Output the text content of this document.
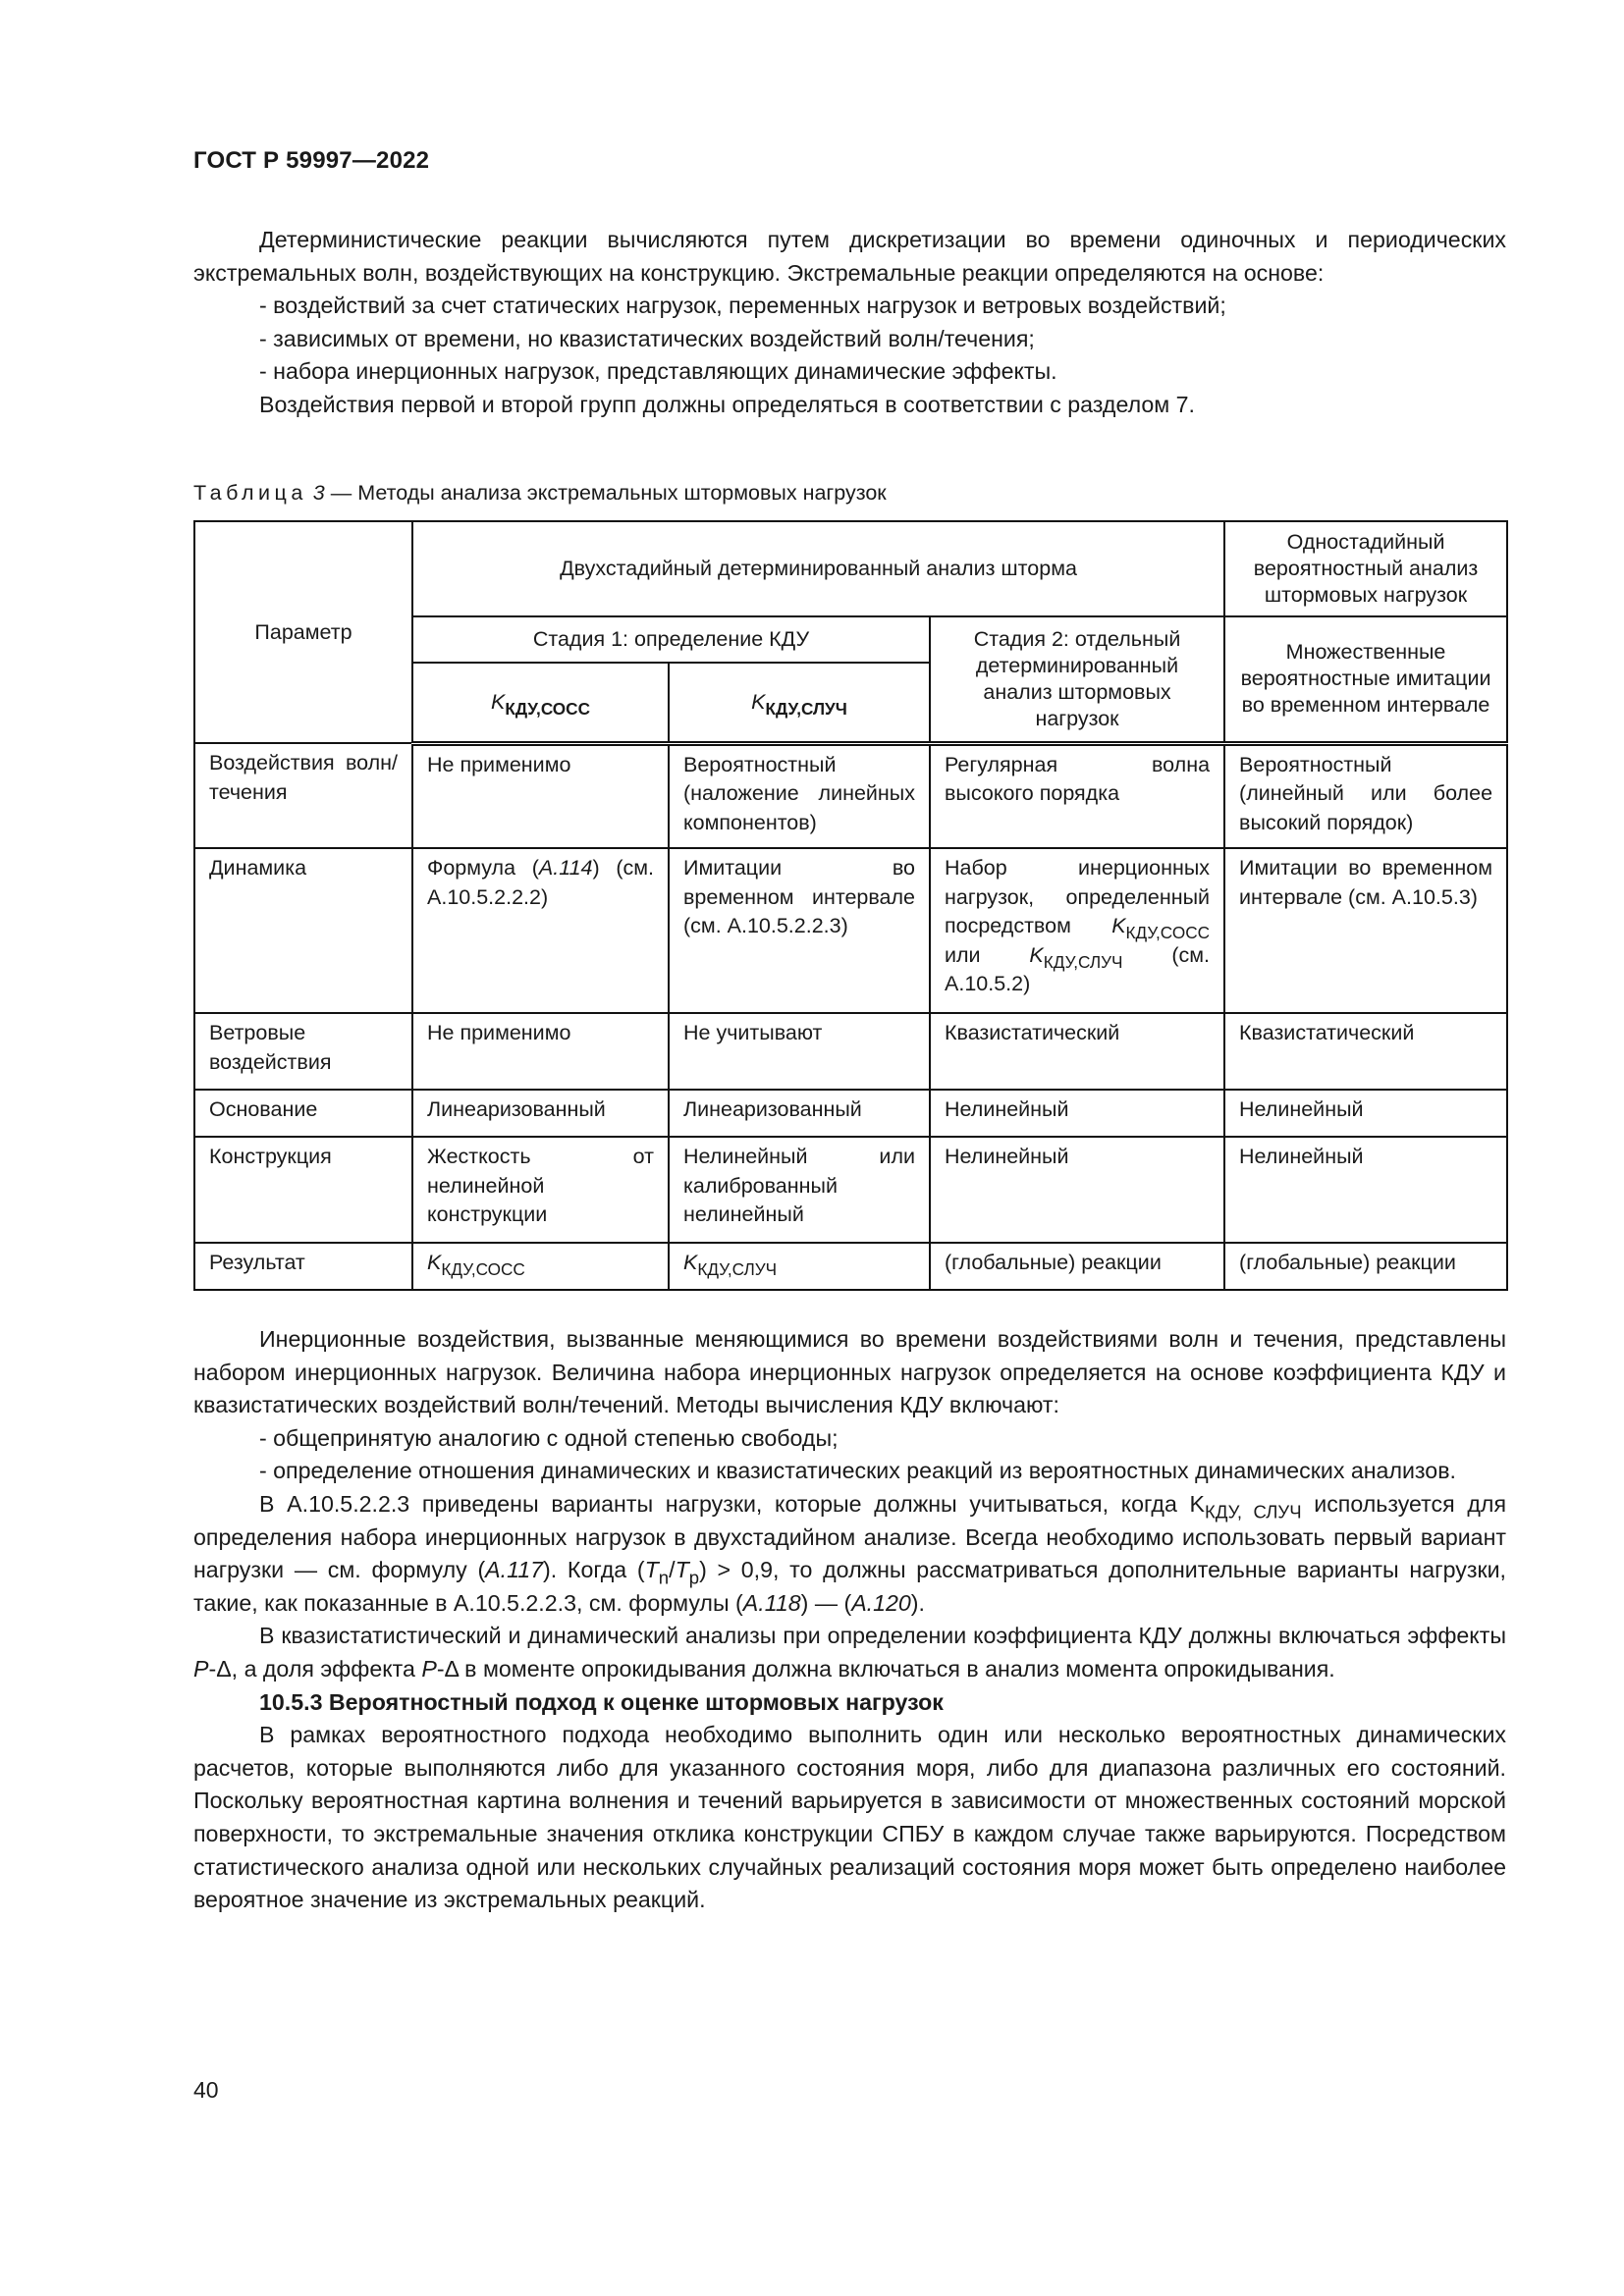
ГОСТ Р 59997—2022

Детерминистические реакции вычисляются путем дискретизации во времени одиночных и периодических экстремальных волн, воздействующих на конструкцию. Экстремальные реакции определяются на основе:

- воздействий за счет статических нагрузок, переменных нагрузок и ветровых воздействий;

- зависимых от времени, но квазистатических воздействий волн/течения;

- набора инерционных нагрузок, представляющих динамические эффекты.

Воздействия первой и второй групп должны определяться в соответствии с разделом 7.

Таблица 3 — Методы анализа экстремальных штормовых нагрузок
Параметр	Двухстадийный детерминированный анализ шторма			Одностадийный вероятностный анализ штормовых нагрузок
	Стадия 1: определение КДУ		Стадия 2: отдельный детерминированный анализ штормовых нагрузок	Множественные вероятностные имитации во временном интервале
	$K_{КДУ,СОСС}$	$K_{КДУ,СЛУЧ}$
Воздействия волн/течения	Не применимо	Вероятностный (наложение линейных компонентов)	Регулярная волна высокого порядка	Вероятностный (линейный или более высокий порядок)
Динамика	Формула (A.114) (см. А.10.5.2.2.2)	Имитации во временном интервале (см. А.10.5.2.2.3)	Набор инерционных нагрузок, определенный посредством $K_{КДУ,СОСС}$ или $K_{КДУ,СЛУЧ}$ (см. А.10.5.2)	Имитации во временном интервале (см. А.10.5.3)
Ветровые воздействия	Не применимо	Не учитывают	Квазистатический	Квазистатический
Основание	Линеаризованный	Линеаризованный	Нелинейный	Нелинейный
Конструкция	Жесткость от нелинейной конструкции	Нелинейный или калиброванный нелинейный	Нелинейный	Нелинейный
Результат	$K_{КДУ,СОСС}$	$K_{КДУ,СЛУЧ}$	(глобальные) реакции	(глобальные) реакции

Инерционные воздействия, вызванные меняющимися во времени воздействиями волн и течения, представлены набором инерционных нагрузок. Величина набора инерционных нагрузок определяется на основе коэффициента КДУ и квазистатических воздействий волн/течений. Методы вычисления КДУ включают:

- общепринятую аналогию с одной степенью свободы;

- определение отношения динамических и квазистатических реакций из вероятностных динамических анализов.

В А.10.5.2.2.3 приведены варианты нагрузки, которые должны учитываться, когда $K_{КДУ, СЛУЧ}$ используется для определения набора инерционных нагрузок в двухстадийном анализе. Всегда необходимо использовать первый вариант нагрузки — см. формулу (A.117). Когда $(T_n/T_p) > 0,9$, то должны рассматриваться дополнительные варианты нагрузки, такие, как показанные в А.10.5.2.2.3, см. формулы (A.118) — (A.120).

В квазистатистический и динамический анализы при определении коэффициента КДУ должны включаться эффекты P-Δ, а доля эффекта P-Δ в моменте опрокидывания должна включаться в анализ момента опрокидывания.

10.5.3 Вероятностный подход к оценке штормовых нагрузок

В рамках вероятностного подхода необходимо выполнить один или несколько вероятностных динамических расчетов, которые выполняются либо для указанного состояния моря, либо для диапазона различных его состояний. Поскольку вероятностная картина волнения и течений варьируется в зависимости от множественных состояний морской поверхности, то экстремальные значения отклика конструкции СПБУ в каждом случае также варьируются. Посредством статистического анализа одной или нескольких случайных реализаций состояния моря может быть определено наиболее вероятное значение из экстремальных реакций.

40
